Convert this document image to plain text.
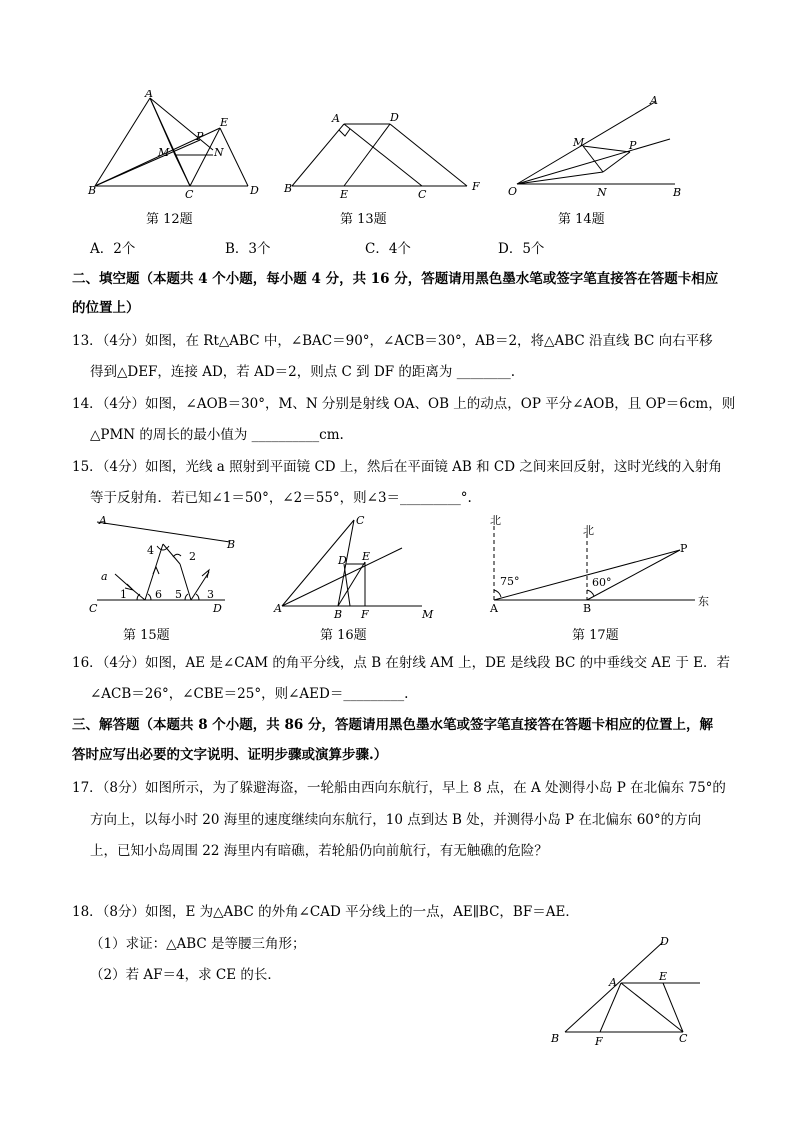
A
B	C	D
E
M	N
P
第 12题
A	D
B	E	C
F
第 13题
A
M	P
O	N	B
第 14题
A．2个	B．3个	C．4个	D．5个
二、填空题（本题共 4 个小题，每小题 4 分，共 16 分，答题请用黑色墨水笔或签字笔直接答在答题卡相应
的位置上）
13．（4分）如图，在 Rt△ABC 中，∠BAC＝90°，∠ACB＝30°，AB＝2，将△ABC 沿直线 BC 向右平移
得到△DEF，连接 AD，若 AD＝2，则点 C 到 DF 的距离为 ________.
14．（4分）如图，∠AOB＝30°，M、N 分别是射线 OA、OB 上的动点，OP 平分∠AOB，且 OP＝6cm，则
△PMN 的周长的最小值为 __________cm.
15．（4分）如图，光线 a 照射到平面镜 CD 上，然后在平面镜 AB 和 CD 之间来回反射，这时光线的入射角
等于反射角．若已知∠1＝50°，∠2＝55°，则∠3＝_________°.
A
B
C	D
a
1
2
3
4
5
6
第 15题
A
C
D E
B F	M
第 16题
北
北
东
A	B
P
75°	60°
第 17题
16．（4分）如图，AE 是∠CAM 的角平分线，点 B 在射线 AM 上，DE 是线段 BC 的中垂线交 AE 于 E．若
∠ACB＝26°，∠CBE＝25°，则∠AED＝_________.
三、解答题（本题共 8 个小题，共 86 分，答题请用黑色墨水笔或签字笔直接答在答题卡相应的位置上，解
答时应写出必要的文字说明、证明步骤或演算步骤.）
17．（8分）如图所示，为了躲避海盗，一轮船由西向东航行，早上 8 点，在 A 处测得小岛 P 在北偏东 75°的
方向上，以每小时 20 海里的速度继续向东航行，10 点到达 B 处，并测得小岛 P 在北偏东 60°的方向
上，已知小岛周围 22 海里内有暗礁，若轮船仍向前航行，有无触礁的危险？
18．（8分）如图，E 为△ABC 的外角∠CAD 平分线上的一点，AE∥BC，BF＝AE．
（1）求证：△ABC 是等腰三角形；
（2）若 AF＝4，求 CE 的长．
D
A	E
B	F	C
